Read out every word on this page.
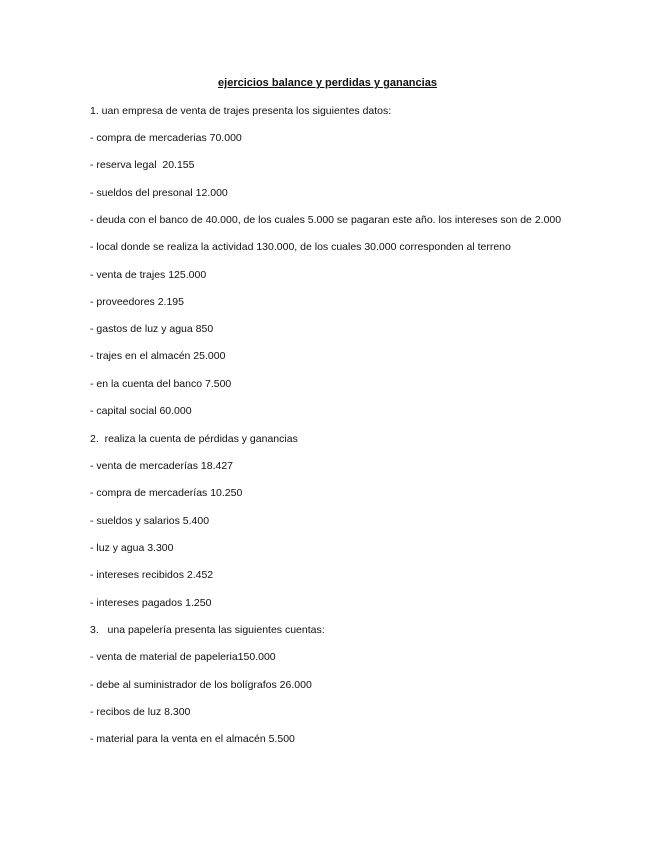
ejercicios balance y perdidas y ganancias
1. uan empresa de venta de trajes presenta los siguientes datos:
- compra de mercaderias 70.000
- reserva legal  20.155
- sueldos del presonal 12.000
- deuda con el banco de 40.000, de los cuales 5.000 se pagaran este año. los intereses son de 2.000
- local donde se realiza la actividad 130.000, de los cuales 30.000 corresponden al terreno
- venta de trajes 125.000
- proveedores 2.195
- gastos de luz y agua 850
- trajes en el almacén 25.000
- en la cuenta del banco 7.500
- capital social 60.000
2.  realiza la cuenta de pérdidas y ganancias
- venta de mercaderías 18.427
- compra de mercaderías 10.250
- sueldos y salarios 5.400
- luz y agua 3.300
- intereses recibidos 2.452
- intereses pagados 1.250
3.   una papelería presenta las siguientes cuentas:
- venta de material de papeleria150.000
- debe al suministrador de los bolígrafos 26.000
- recibos de luz 8.300
- material para la venta en el almacén 5.500
